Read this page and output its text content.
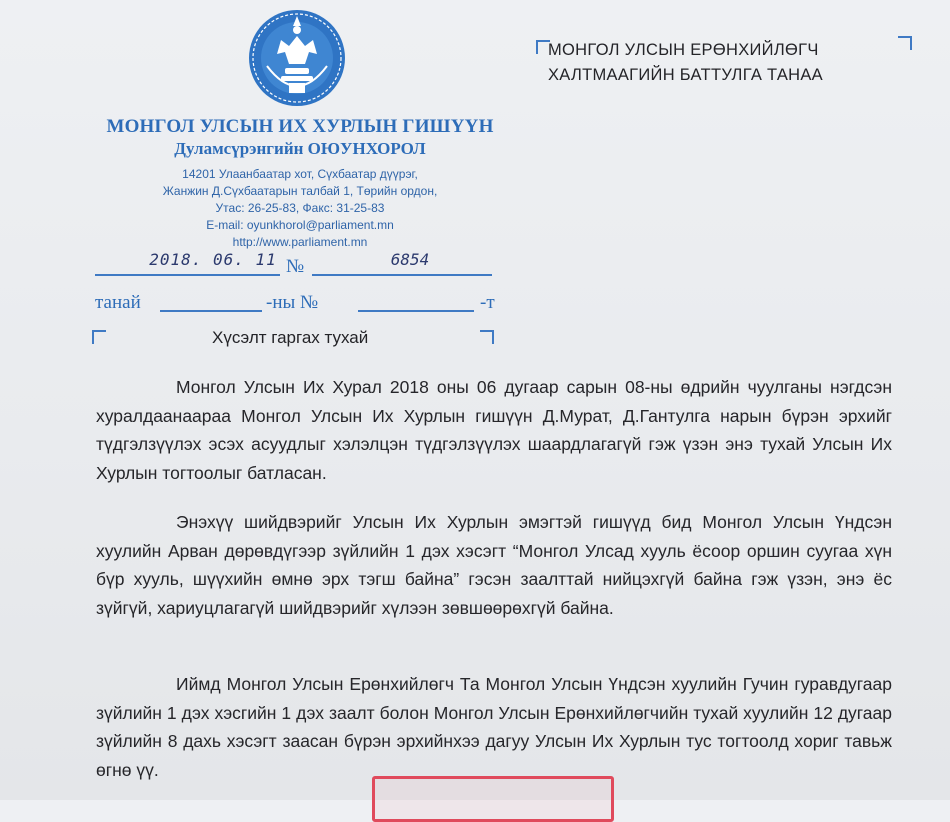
МОНГОЛ УЛСЫН ИХ ХУРЛЫН ГИШҮҮН
Дуламсүрэнгийн ОЮУНХОРОЛ
14201 Улаанбаатар хот, Сүхбаатар дүүрэг,
Жанжин Д.Сүхбаатарын талбай 1, Төрийн ордон,
Утас: 26-25-83, Факс: 31-25-83
E-mail: oyunkhorol@parliament.mn
http://www.parliament.mn
2018. 06. 11 №	6854
танай	-ны №	-т
МОНГОЛ УЛСЫН ЕРӨНХИЙЛӨГЧ
ХАЛТМААГИЙН БАТТУЛГА ТАНАА
Хүсэлт гаргах тухай
Монгол Улсын Их Хурал 2018 оны 06 дугаар сарын 08-ны өдрийн чуулганы нэгдсэн хуралдаанаараа Монгол Улсын Их Хурлын гишүүн Д.Мурат, Д.Гантулга нарын бүрэн эрхийг түдгэлзүүлэх эсэх асуудлыг хэлэлцэн түдгэлзүүлэх шаардлагагүй гэж үзэн энэ тухай Улсын Их Хурлын тогтоолыг батласан.
Энэхүү шийдвэрийг Улсын Их Хурлын эмэгтэй гишүүд бид Монгол Улсын Үндсэн хуулийн Арван дөрөвдүгээр зүйлийн 1 дэх хэсэгт “Монгол Улсад хууль ёсоор оршин суугаа хүн бүр хууль, шүүхийн өмнө эрх тэгш байна” гэсэн заалттай нийцэхгүй байна гэж үзэн, энэ ёс зүйгүй, хариуцлагагүй шийдвэрийг хүлээн зөвшөөрөхгүй байна.
Иймд Монгол Улсын Ерөнхийлөгч Та Монгол Улсын Үндсэн хуулийн Гучин гуравдугаар зүйлийн 1 дэх хэсгийн 1 дэх заалт болон Монгол Улсын Ерөнхийлөгчийн тухай хуулийн 12 дугаар зүйлийн 8 дахь хэсэгт заасан бүрэн эрхийнхээ дагуу Улсын Их Хурлын тус тогтоолд хориг тавьж өгнө үү.
